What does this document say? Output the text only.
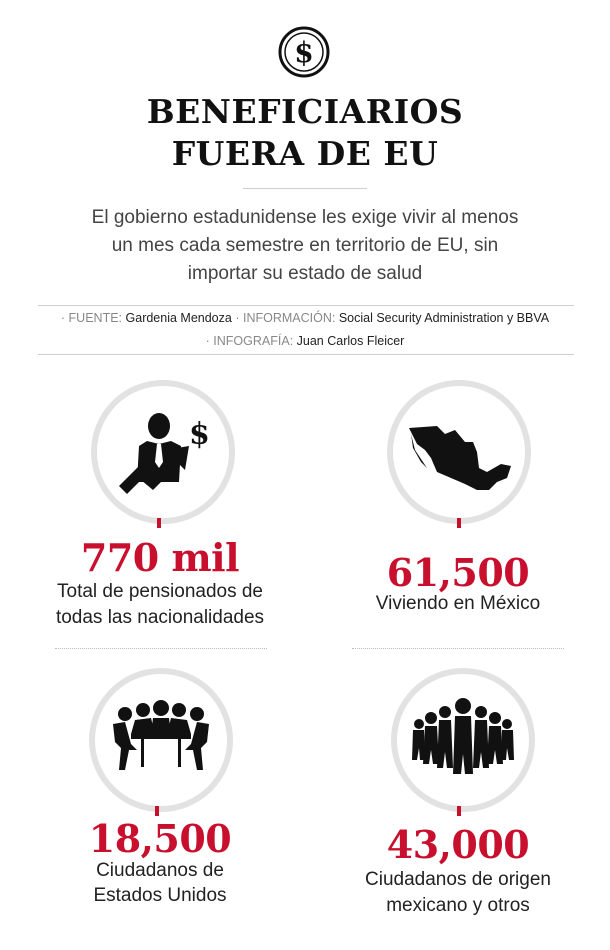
$
BENEFICIARIOS
FUERA DE EU
El gobierno estadunidense les exige vivir al menos
un mes cada semestre en territorio de EU, sin
importar su estado de salud
· FUENTE: Gardenia Mendoza · INFORMACIÓN: Social Security Administration y BBVA
· INFOGRAFÍA: Juan Carlos Fleicer
$
770 mil
Total de pensionados de
todas las nacionalidades
61,500
Viviendo en México
18,500
Ciudadanos de
Estados Unidos
43,000
Ciudadanos de origen
mexicano y otros
